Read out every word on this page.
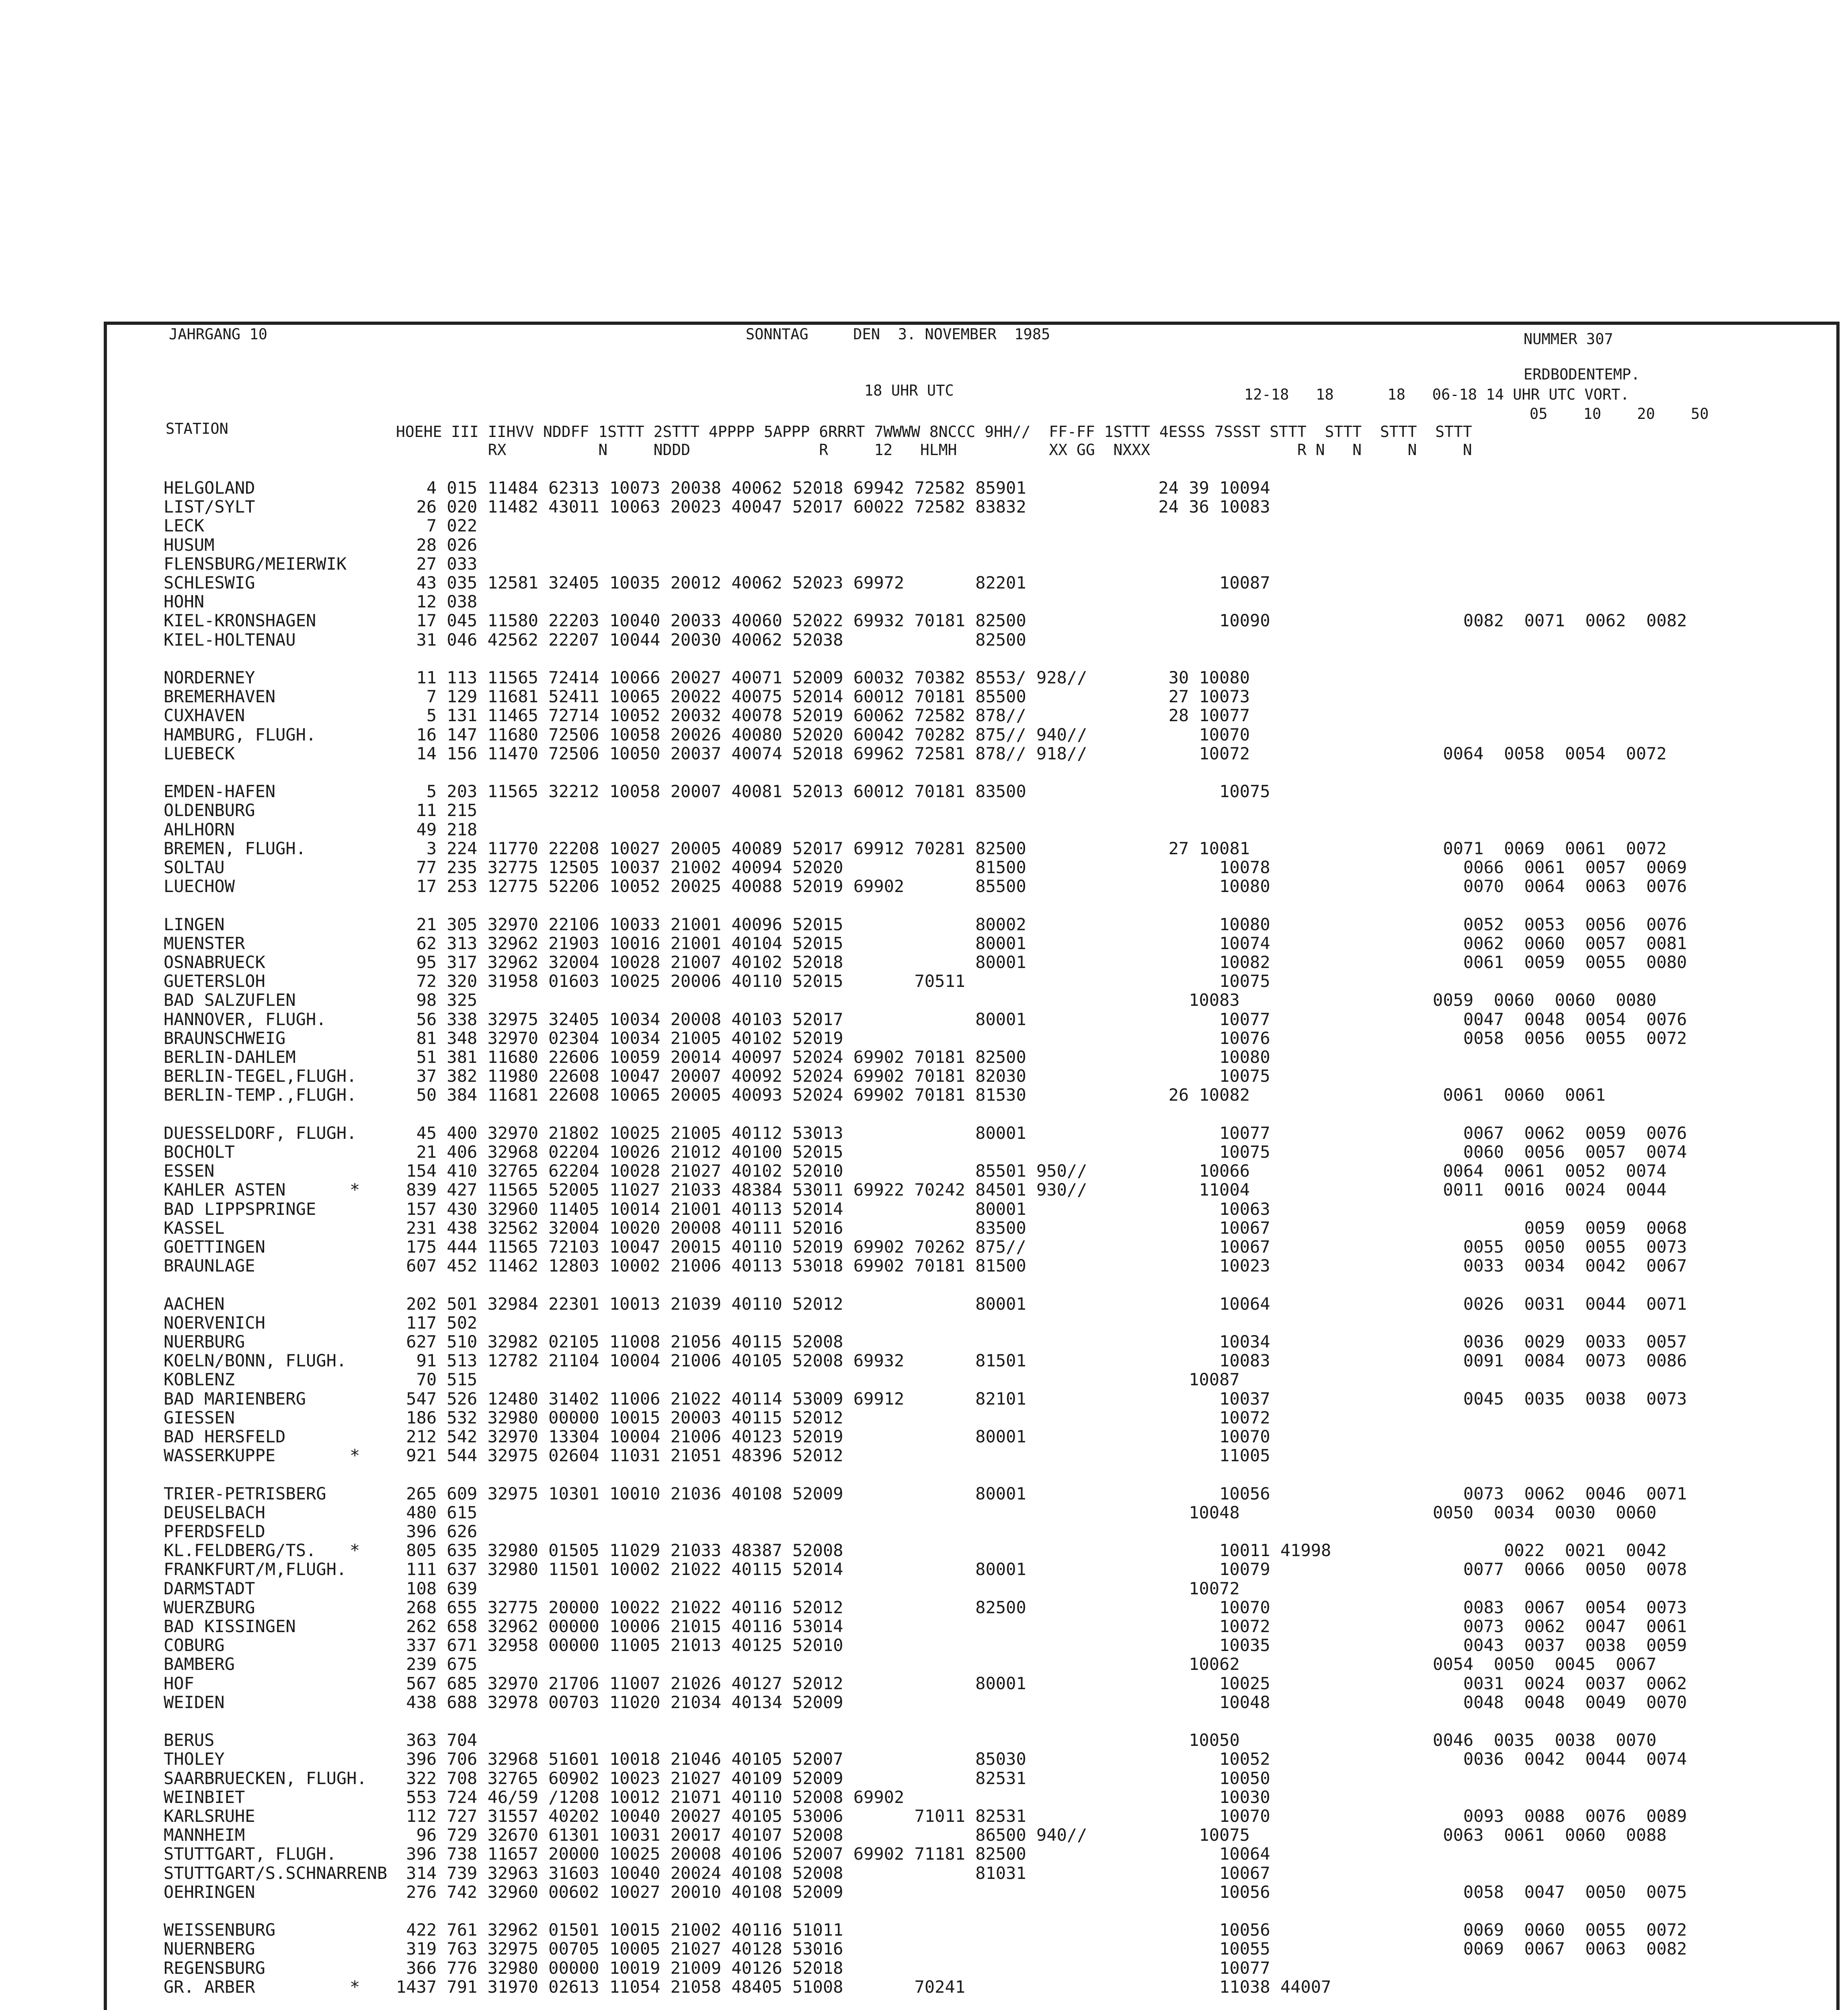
JAHRGANG 10	SONNTAG     DEN  3. NOVEMBER  1985	NUMMER 307
ERDBODENTEMP.
18 UHR UTC	12-18   18      18   06-18 14 UHR UTC VORT.
05    10    20    50
STATION	HOEHE III IIHVV NDDFF 1STTT 2STTT 4PPPP 5APPP 6RRRT 7WWWW 8NCCC 9HH//  FF-FF 1STTT 4ESSS 7SSST STTT  STTT  STTT  STTT
RX          N     NDDD              R     12   HLMH          XX GG  NXXX                R N   N     N     N
HELGOLAND	4 015 11484 62313 10073 20038 40062 52018 69942 72582 85901             24 39 10094
LIST/SYLT	26 020 11482 43011 10063 20023 40047 52017 60022 72582 83832             24 36 10083
LECK	7 022
HUSUM	28 026
FLENSBURG/MEIERWIK	27 033
SCHLESWIG	43 035 12581 32405 10035 20012 40062 52023 69972       82201                   10087
HOHN	12 038
KIEL-KRONSHAGEN	17 045 11580 22203 10040 20033 40060 52022 69932 70181 82500                   10090                   0082  0071  0062  0082
KIEL-HOLTENAU	31 046 42562 22207 10044 20030 40062 52038             82500
NORDERNEY	11 113 11565 72414 10066 20027 40071 52009 60032 70382 8553/ 928//        30 10080
BREMERHAVEN	7 129 11681 52411 10065 20022 40075 52014 60012 70181 85500              27 10073
CUXHAVEN	5 131 11465 72714 10052 20032 40078 52019 60062 72582 878//              28 10077
HAMBURG, FLUGH.	16 147 11680 72506 10058 20026 40080 52020 60042 70282 875// 940//           10070
LUEBECK	14 156 11470 72506 10050 20037 40074 52018 69962 72581 878// 918//           10072                   0064  0058  0054  0072
EMDEN-HAFEN	5 203 11565 32212 10058 20007 40081 52013 60012 70181 83500                   10075
OLDENBURG	11 215
AHLHORN	49 218
BREMEN, FLUGH.	3 224 11770 22208 10027 20005 40089 52017 69912 70281 82500              27 10081                   0071  0069  0061  0072
SOLTAU	77 235 32775 12505 10037 21002 40094 52020             81500                   10078                   0066  0061  0057  0069
LUECHOW	17 253 12775 52206 10052 20025 40088 52019 69902       85500                   10080                   0070  0064  0063  0076
LINGEN	21 305 32970 22106 10033 21001 40096 52015             80002                   10080                   0052  0053  0056  0076
MUENSTER	62 313 32962 21903 10016 21001 40104 52015             80001                   10074                   0062  0060  0057  0081
OSNABRUECK	95 317 32962 32004 10028 21007 40102 52018             80001                   10082                   0061  0059  0055  0080
GUETERSLOH	72 320 31958 01603 10025 20006 40110 52015       70511                         10075
BAD SALZUFLEN	98 325                                                                      10083                   0059  0060  0060  0080
HANNOVER, FLUGH.	56 338 32975 32405 10034 20008 40103 52017             80001                   10077                   0047  0048  0054  0076
BRAUNSCHWEIG	81 348 32970 02304 10034 21005 40102 52019                                     10076                   0058  0056  0055  0072
BERLIN-DAHLEM	51 381 11680 22606 10059 20014 40097 52024 69902 70181 82500                   10080
BERLIN-TEGEL,FLUGH. 37 382 11980 22608 10047 20007 40092 52024 69902 70181 82030                   10075
BERLIN-TEMP.,FLUGH. 50 384 11681 22608 10065 20005 40093 52024 69902 70181 81530              26 10082                   0061  0060  0061
DUESSELDORF, FLUGH. 45 400 32970 21802 10025 21005 40112 53013             80001                   10077                   0067  0062  0059  0076
BOCHOLT	21 406 32968 02204 10026 21012 40100 52015                                     10075                   0060  0056  0057  0074
ESSEN	154 410 32765 62204 10028 21027 40102 52010             85501 950//           10066                   0064  0061  0052  0074
KAHLER ASTEN	* 839 427 11565 52005 11027 21033 48384 53011 69922 70242 84501 930//           11004                   0011  0016  0024  0044
BAD LIPPSPRINGE	157 430 32960 11405 10014 21001 40113 52014             80001                   10063
KASSEL	231 438 32562 32004 10020 20008 40111 52016             83500                   10067                         0059  0059  0068
GOETTINGEN	175 444 11565 72103 10047 20015 40110 52019 69902 70262 875//                   10067                   0055  0050  0055  0073
BRAUNLAGE	607 452 11462 12803 10002 21006 40113 53018 69902 70181 81500                   10023                   0033  0034  0042  0067
AACHEN	202 501 32984 22301 10013 21039 40110 52012             80001                   10064                   0026  0031  0044  0071
NOERVENICH	117 502
NUERBURG	627 510 32982 02105 11008 21056 40115 52008                                     10034                   0036  0029  0033  0057
KOELN/BONN, FLUGH.	91 513 12782 21104 10004 21006 40105 52008 69932       81501                   10083                   0091  0084  0073  0086
KOBLENZ	70 515                                                                      10087
BAD MARIENBERG	547 526 12480 31402 11006 21022 40114 53009 69912       82101                   10037                   0045  0035  0038  0073
GIESSEN	186 532 32980 00000 10015 20003 40115 52012                                     10072
BAD HERSFELD	212 542 32970 13304 10004 21006 40123 52019             80001                   10070
WASSERKUPPE	* 921 544 32975 02604 11031 21051 48396 52012                                     11005
TRIER-PETRISBERG	265 609 32975 10301 10010 21036 40108 52009             80001                   10056                   0073  0062  0046  0071
DEUSELBACH	480 615                                                                      10048                   0050  0034  0030  0060
PFERDSFELD	396 626
KL.FELDBERG/TS. * 805 635 32980 01505 11029 21033 48387 52008                                     10011 41998                 0022  0021  0042
FRANKFURT/M,FLUGH.	111 637 32980 11501 10002 21022 40115 52014             80001                   10079                   0077  0066  0050  0078
DARMSTADT	108 639                                                                      10072
WUERZBURG	268 655 32775 20000 10022 21022 40116 52012             82500                   10070                   0083  0067  0054  0073
BAD KISSINGEN	262 658 32962 00000 10006 21015 40116 53014                                     10072                   0073  0062  0047  0061
COBURG	337 671 32958 00000 11005 21013 40125 52010                                     10035                   0043  0037  0038  0059
BAMBERG	239 675                                                                      10062                   0054  0050  0045  0067
HOF	567 685 32970 21706 11007 21026 40127 52012             80001                   10025                   0031  0024  0037  0062
WEIDEN	438 688 32978 00703 11020 21034 40134 52009                                     10048                   0048  0048  0049  0070
BERUS	363 704                                                                      10050                   0046  0035  0038  0070
THOLEY	396 706 32968 51601 10018 21046 40105 52007             85030                   10052                   0036  0042  0044  0074
SAARBRUECKEN, FLUGH. 322 708 32765 60902 10023 21027 40109 52009             82531                   10050
WEINBIET	553 724 46/59 /1208 10012 21071 40110 52008 69902                               10030
KARLSRUHE	112 727 31557 40202 10040 20027 40105 53006       71011 82531                   10070                   0093  0088  0076  0089
MANNHEIM	96 729 32670 61301 10031 20017 40107 52008             86500 940//           10075                   0063  0061  0060  0088
STUTTGART, FLUGH.	396 738 11657 20000 10025 20008 40106 52007 69902 71181 82500                   10064
STUTTGART/S.SCHNARRENB 314 739 32963 31603 10040 20024 40108 52008             81031                   10067
OEHRINGEN	276 742 32960 00602 10027 20010 40108 52009                                     10056                   0058  0047  0050  0075
WEISSENBURG	422 761 32962 01501 10015 21002 40116 51011                                     10056                   0069  0060  0055  0072
NUERNBERG	319 763 32975 00705 10005 21027 40128 53016                                     10055                   0069  0067  0063  0082
REGENSBURG	366 776 32980 00000 10019 21009 40126 52018                                     10077
GR. ARBER	* 1437 791 31970 02613 11054 21058 48405 51008       70241                         11038 44007
